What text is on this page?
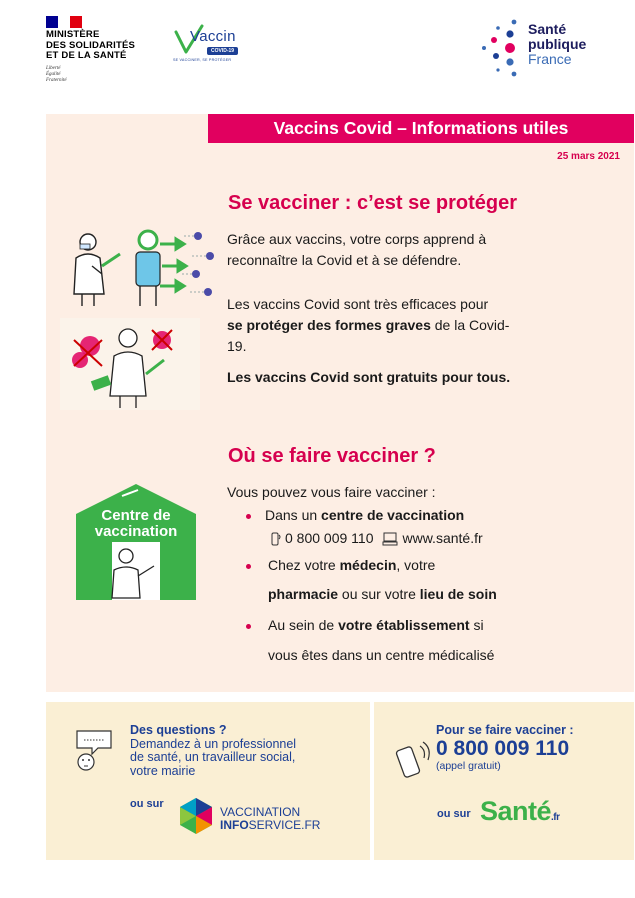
MINISTÈRE
DES SOLIDARITÉS
ET DE LA SANTÉ
Liberté
Égalité
Fraternité
Vaccin
COVID-19
SE VACCINER, SE PROTÉGER
Santé
publique
France
Vaccins Covid – Informations utiles
25 mars 2021
Se vacciner : c’est se protéger
Grâce aux vaccins, votre corps apprend à
reconnaître la Covid et à se défendre.
Les vaccins Covid sont très efficaces pour
se protéger des formes graves de la Covid-
19.
Les vaccins Covid sont gratuits pour tous.
Centre de
vaccination
Où se faire vacciner ?
Vous pouvez vous faire vacciner :
Dans un centre de vaccination
0 800 009 110 www.santé.fr
Chez votre médecin, votre
pharmacie ou sur votre lieu de soin
Au sein de votre établissement si
vous êtes dans un centre médicalisé
Des questions ?
Demandez à un professionnel
de santé, un travailleur social,
votre mairie
ou sur
VACCINATION
INFOSERVICE.FR
Pour se faire vacciner :
0 800 009 110
(appel gratuit)
ou sur Santé.fr
